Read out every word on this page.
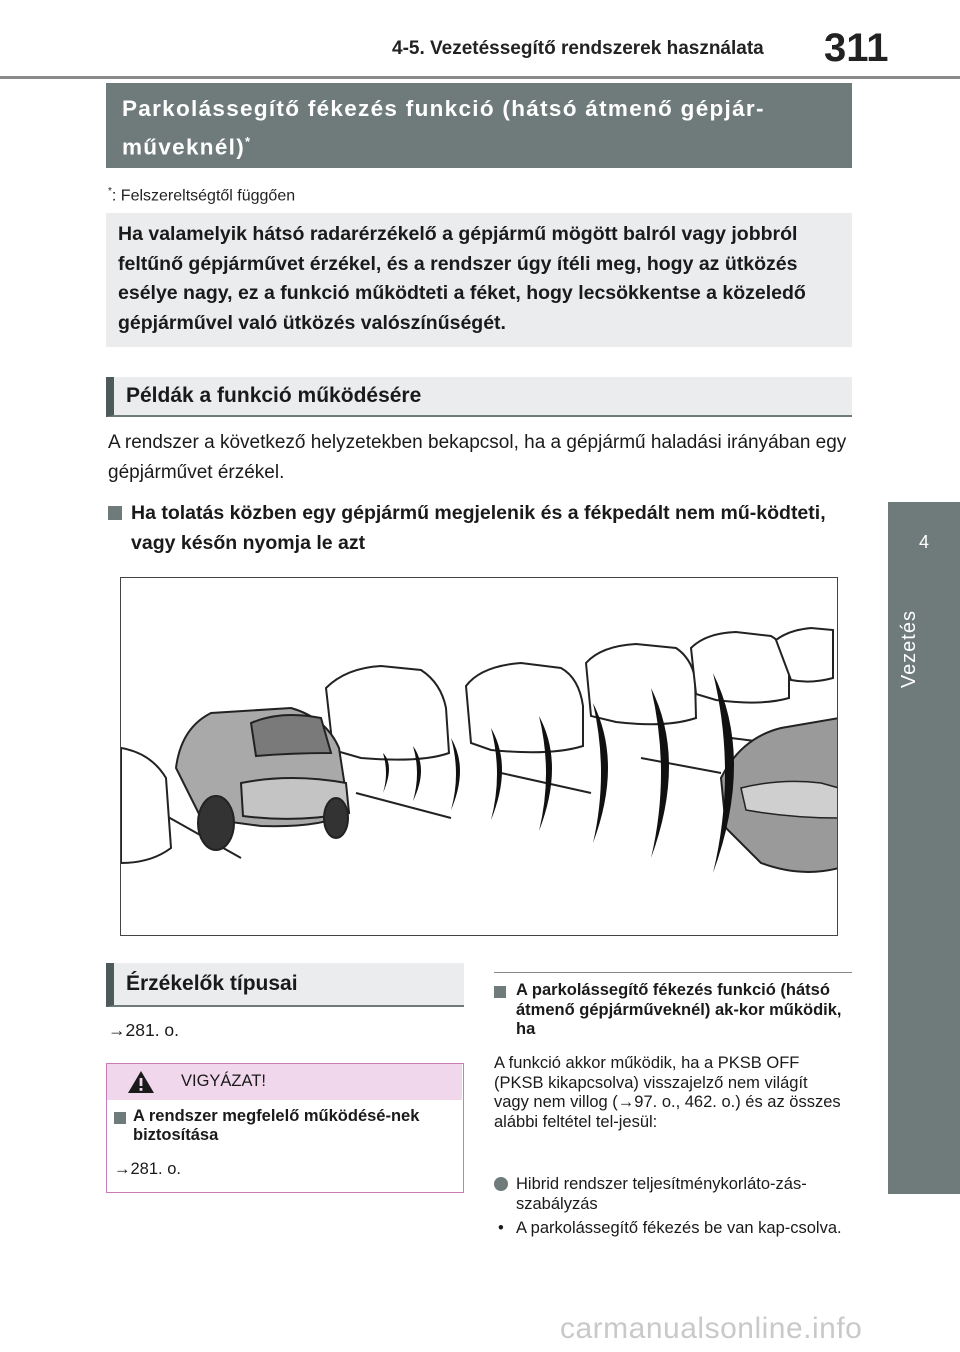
4-5. Vezetéssegítő rendszerek használata 311
4
Vezetés
Parkolássegítő fékezés funkció (hátsó átmenő gépjár-
műveknél)*
*: Felszereltségtől függően
Ha valamelyik hátsó radarérzékelő a gépjármű mögött balról vagy jobbról feltűnő gépjárművet érzékel, és a rendszer úgy ítéli meg, hogy az ütközés esélye nagy, ez a funkció működteti a féket, hogy lecsökkentse a közeledő gépjárművel való ütközés valószínűségét.
Példák a funkció működésére
A rendszer a következő helyzetekben bekapcsol, ha a gépjármű haladási irányában egy gépjárművet érzékel.
Ha tolatás közben egy gépjármű megjelenik és a fékpedált nem mű-ködteti, vagy későn nyomja le azt
Érzékelők típusai
→281. o.
VIGYÁZAT!
A rendszer megfelelő működésé-nek biztosítása
→281. o.
A parkolássegítő fékezés funkció (hátsó átmenő gépjárműveknél) ak-kor működik, ha
A funkció akkor működik, ha a PKSB OFF (PKSB kikapcsolva) visszajelző nem világít vagy nem villog (→97. o., 462. o.) és az összes alábbi feltétel tel-jesül:
Hibrid rendszer teljesítménykorláto-zás-szabályzás
• A parkolássegítő fékezés be van kap-csolva.
carmanualsonline.info
